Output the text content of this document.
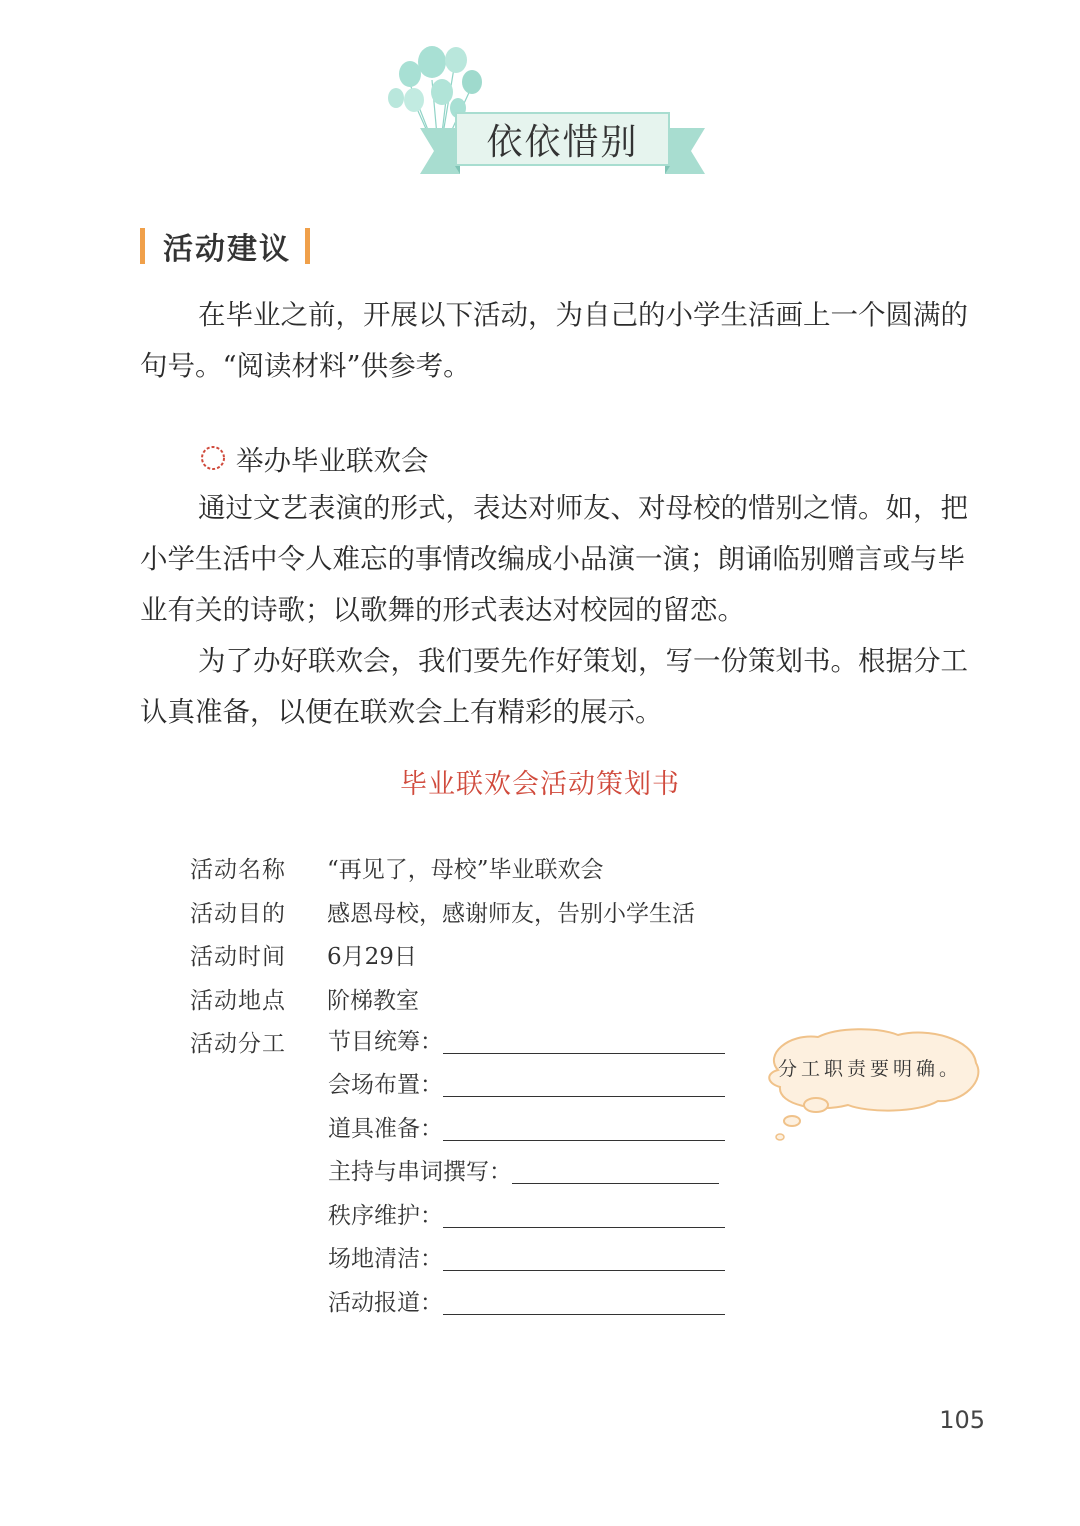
依依惜别
活动建议

在毕业之前，开展以下活动，为自己的小学生活画上一个圆满的句号。“阅读材料”供参考。

举办毕业联欢会

通过文艺表演的形式，表达对师友、对母校的惜别之情。如，把小学生活中令人难忘的事情改编成小品演一演；朗诵临别赠言或与毕业有关的诗歌；以歌舞的形式表达对校园的留恋。

为了办好联欢会，我们要先作好策划，写一份策划书。根据分工认真准备，以便在联欢会上有精彩的展示。

毕业联欢会活动策划书
活动名称	“再见了，母校”毕业联欢会
活动目的	感恩母校，感谢师友，告别小学生活
活动时间	6月29日
活动地点	阶梯教室
活动分工	节目统筹：
会场布置：
道具准备：
主持与串词撰写：
秩序维护：
场地清洁：
活动报道：
分工职责要明确。
105
